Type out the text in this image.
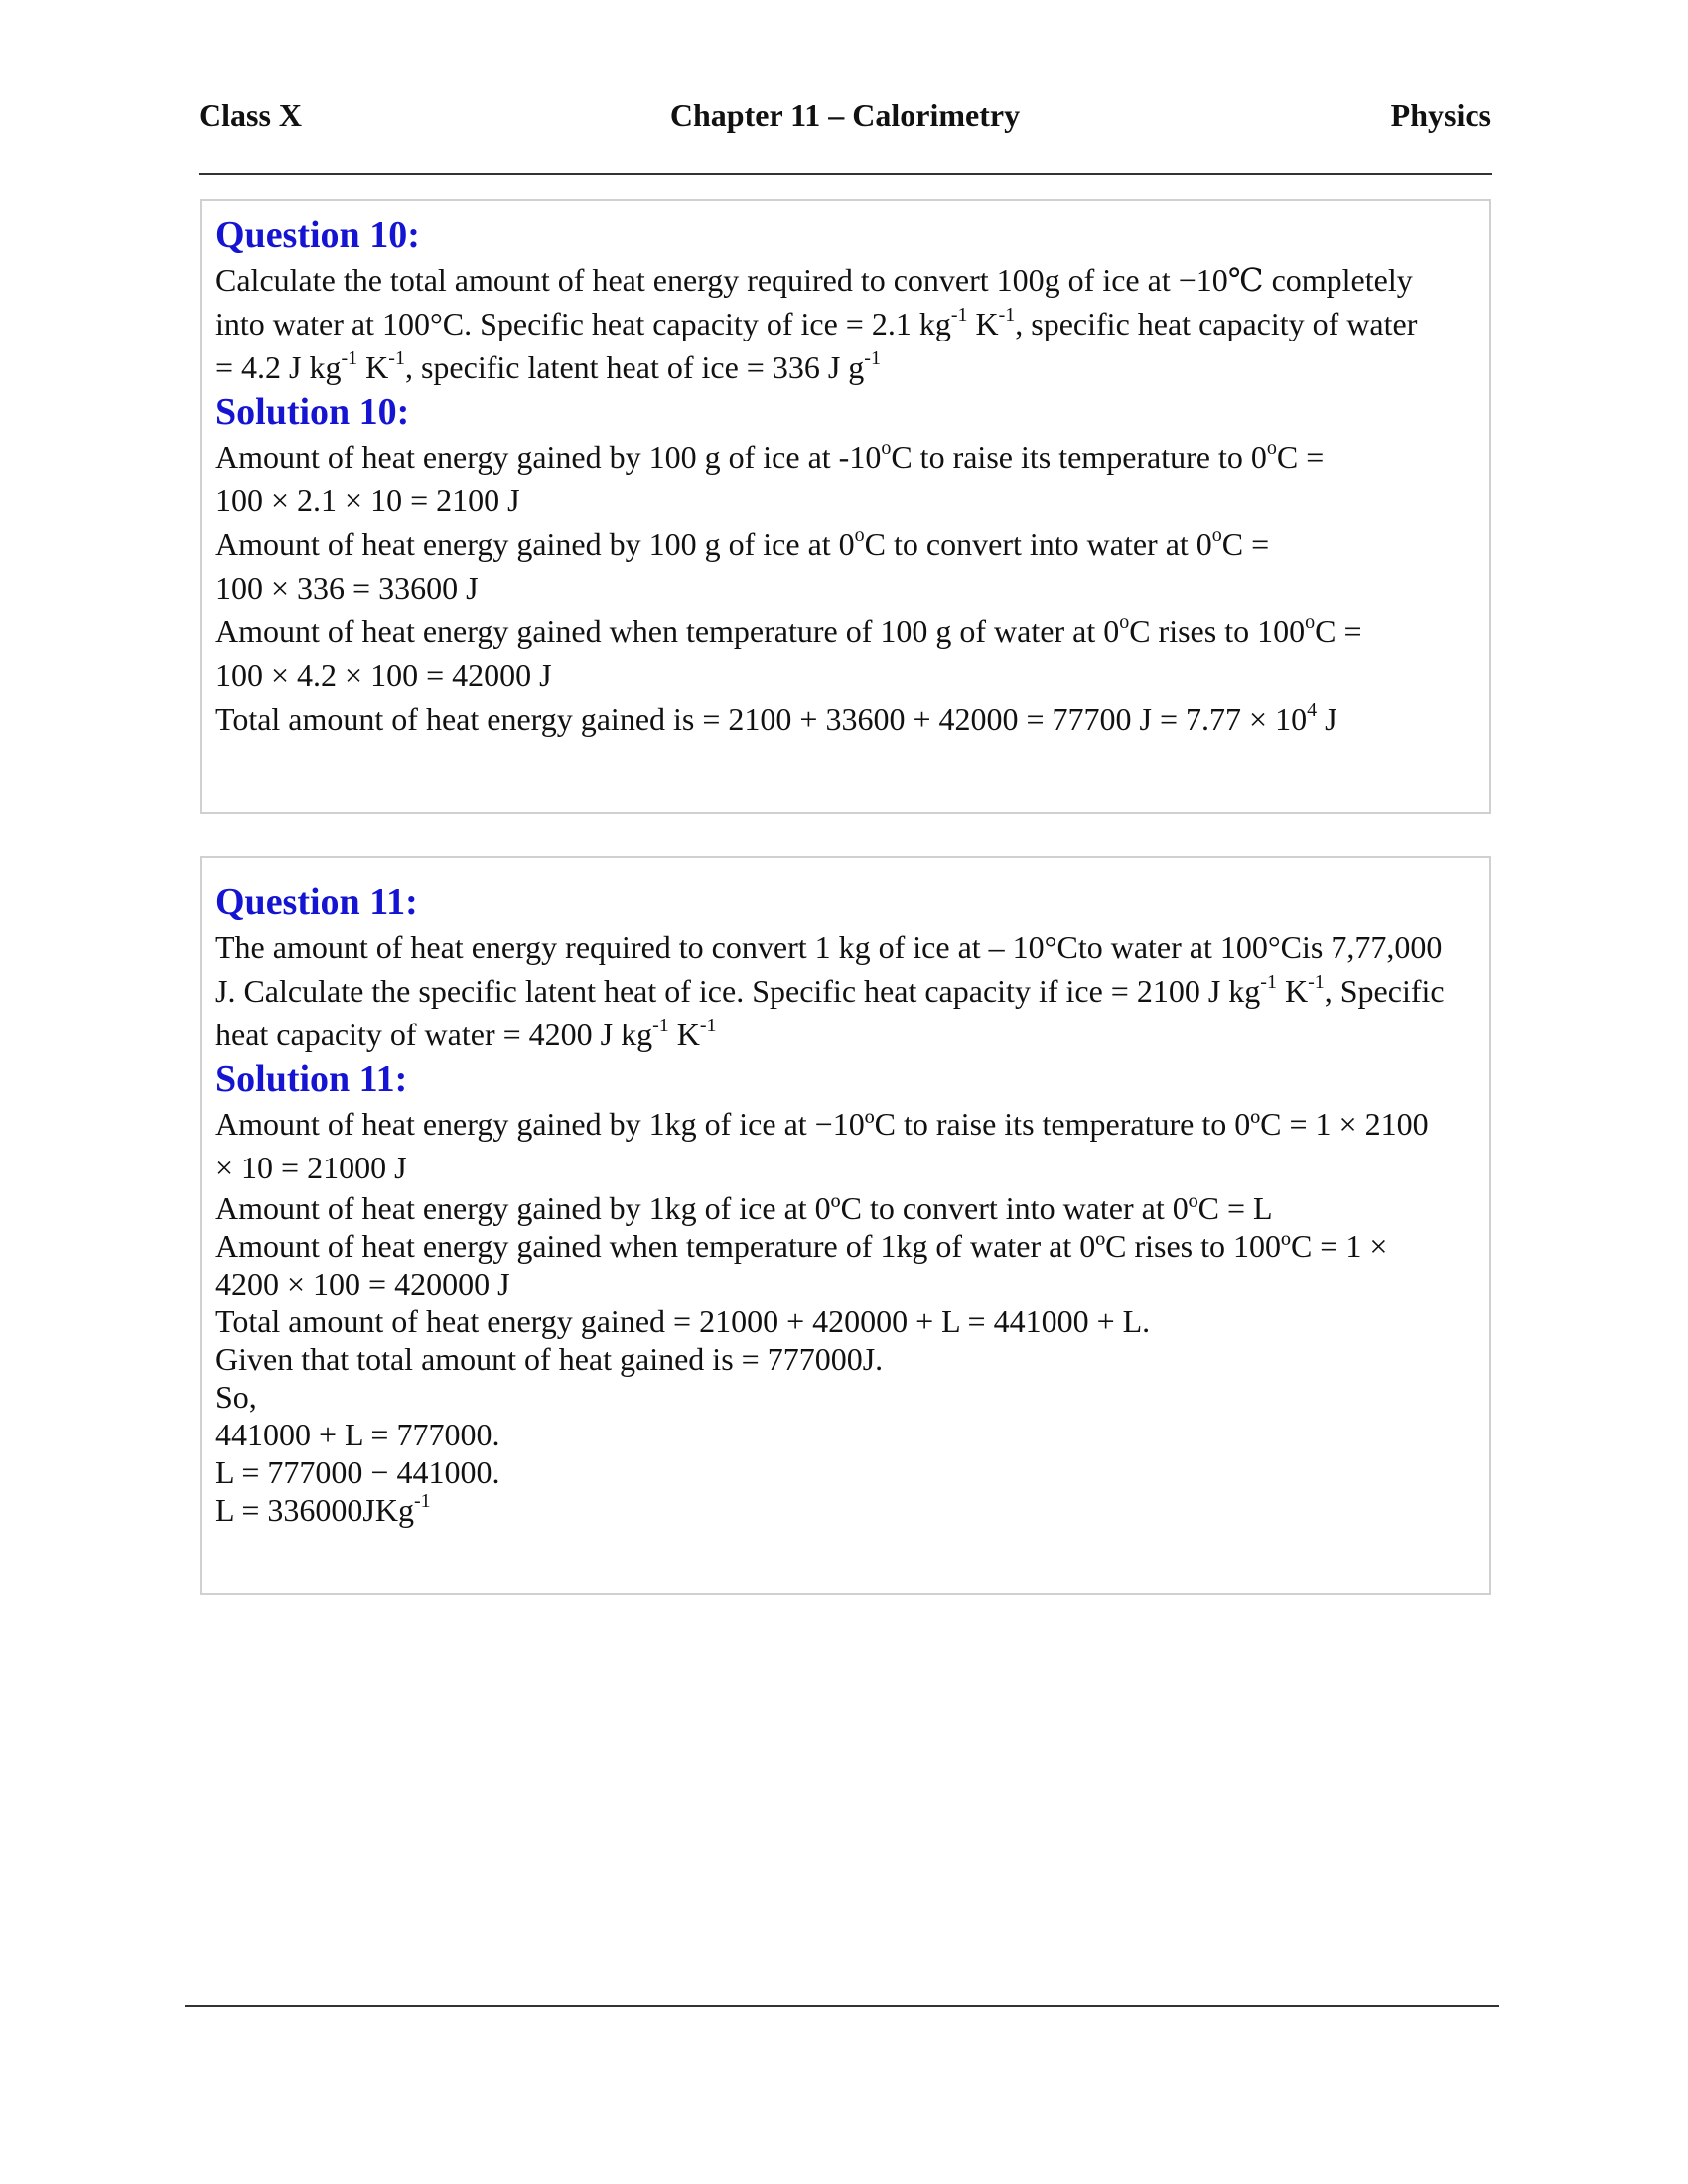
Class X	Chapter 11 – Calorimetry	Physics
Question 10:

Calculate the total amount of heat energy required to convert 100g of ice at −10℃ completely

into water at 100°C. Specific heat capacity of ice = 2.1 $kg^{-1}$ $K^{-1}$, specific heat capacity of water

= 4.2 J $kg^{-1}$ $K^{-1}$, specific latent heat of ice = 336 J $g^{-1}$

Solution 10:

Amount of heat energy gained by 100 g of ice at -10$^o$C to raise its temperature to $0^oC$ =

100 × 2.1 × 10 = 2100 J

Amount of heat energy gained by 100 g of ice at 0$^o$C to convert into water at $0^oC$ =

100 × 336 = 33600 J

Amount of heat energy gained when temperature of 100 g of water at 0$^o$C rises to $100^oC$ =

100 × 4.2 × 100 = 42000 J

Total amount of heat energy gained is = 2100 + 33600 + 42000 = 77700 $J = 7.77 \times 10^4$ J

Question 11:

The amount of heat energy required to convert 1 kg of ice at – 10°Cto water at 100°Cis 7,77,000

J. Calculate the specific latent heat of ice. Specific heat capacity if ice = 2100 J $kg^{-1}$ $K^{-1}$, Specific

heat capacity of water = 4200 J $kg^{-1}$ $K^{-1}$

Solution 11:

Amount of heat energy gained by 1kg of ice at −10ºC to raise its temperature to 0ºC = 1 × 2100

× 10 = 21000 J

Amount of heat energy gained by 1kg of ice at 0ºC to convert into water at 0ºC = L

Amount of heat energy gained when temperature of 1kg of water at 0ºC rises to 100ºC = 1 ×

4200 × 100 = 420000 J

Total amount of heat energy gained = 21000 + 420000 + L = 441000 + L.

Given that total amount of heat gained is = 777000J.

So,

441000 + L = 777000.

L = 777000 − 441000.

L = 336000JKg$^{-1}$
